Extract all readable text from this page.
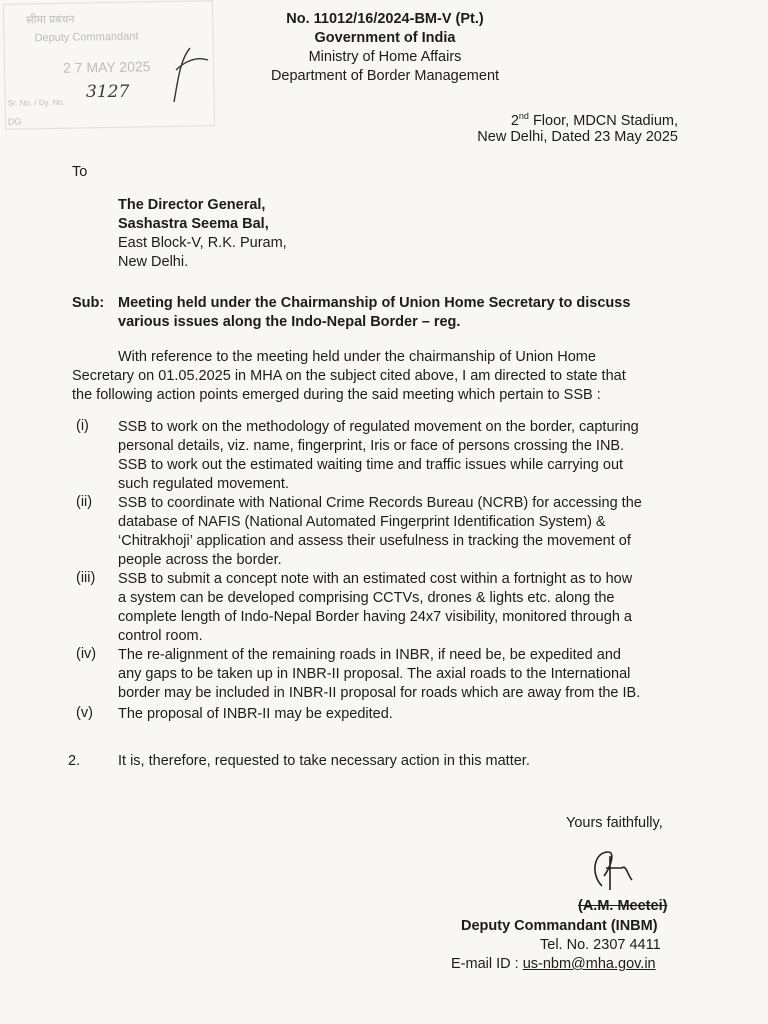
सीमा प्रबंधन
Deputy Commandant
2 7 MAY 2025
Sr. No. / Dy. No.
DG
3127
No. 11012/16/2024-BM-V (Pt.)
Government of India
Ministry of Home Affairs
Department of Border Management
2nd Floor, MDCN Stadium,
New Delhi, Dated 23 May 2025
To
The Director General,
Sashastra Seema Bal,
East Block-V, R.K. Puram,
New Delhi.
Sub: Meeting held under the Chairmanship of Union Home Secretary to discuss
various issues along the Indo-Nepal Border – reg.
With reference to the meeting held under the chairmanship of Union Home
Secretary on 01.05.2025 in MHA on the subject cited above, I am directed to state that
the following action points emerged during the said meeting which pertain to SSB :
(i) SSB to work on the methodology of regulated movement on the border, capturing
personal details, viz. name, fingerprint, Iris or face of persons crossing the INB.
SSB to work out the estimated waiting time and traffic issues while carrying out
such regulated movement.
(ii) SSB to coordinate with National Crime Records Bureau (NCRB) for accessing the
database of NAFIS (National Automated Fingerprint Identification System) &
‘Chitrakhoji’ application and assess their usefulness in tracking the movement of
people across the border.
(iii) SSB to submit a concept note with an estimated cost within a fortnight as to how
a system can be developed comprising CCTVs, drones & lights etc. along the
complete length of Indo-Nepal Border having 24x7 visibility, monitored through a
control room.
(iv) The re-alignment of the remaining roads in INBR, if need be, be expedited and
any gaps to be taken up in INBR-II proposal. The axial roads to the International
border may be included in INBR-II proposal for roads which are away from the IB.
(v) The proposal of INBR-II may be expedited.
2.	It is, therefore, requested to take necessary action in this matter.
Yours faithfully,
(A.M. Meetei)
Deputy Commandant (INBM)
Tel. No. 2307 4411
E-mail ID : us-nbm@mha.gov.in
